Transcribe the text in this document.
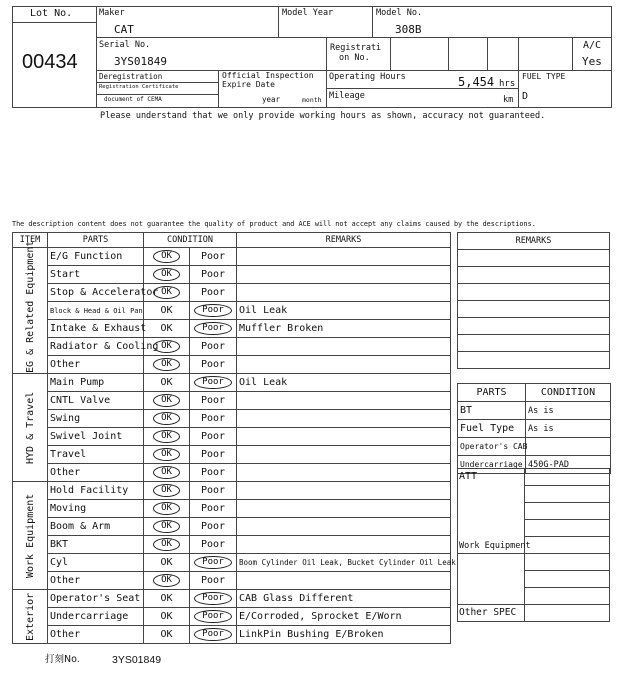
Lot No.
00434
Maker
CAT
Model Year	Model No.
308B
Serial No.
3YS01849
Registrati
on No.
A/C
Yes
Deregistration
Registration Certificate
document of CEMA
Official Inspection
Expire Date
year	month
Operating Hours	5,454 hrs
Mileage	km
FUEL TYPE
D
Please understand that we only provide working hours as shown, accuracy not guaranteed.
The description content does not guarantee the quality of product and ACE will not accept any claims caused by the descriptions.
ITEM	PARTS	CONDITION		REMARKS
EG & Related Equipment	E/G Function	OK	Poor	
	Start	OK	Poor	
	Stop & Accelerator	OK	Poor	
	Block & Head & Oil Pan	OK	Poor	Oil Leak
	Intake & Exhaust	OK	Poor	Muffler Broken
	Radiator & Cooling	OK	Poor	
	Other	OK	Poor	
HYD & Travel	Main Pump	OK	Poor	Oil Leak
	CNTL Valve	OK	Poor	
	Swing	OK	Poor	
	Swivel Joint	OK	Poor	
	Travel	OK	Poor	
	Other	OK	Poor	
Work Equipment	Hold Facility	OK	Poor	
	Moving	OK	Poor	
	Boom & Arm	OK	Poor	
	BKT	OK	Poor	
	Cyl	OK	Poor	Boom Cylinder Oil Leak, Bucket Cylinder Oil Leak
	Other	OK	Poor	
Exterior	Operator's Seat	OK	Poor	CAB Glass Different
	Undercarriage	OK	Poor	E/Corroded, Sprocket E/Worn
	Other	OK	Poor	LinkPin Bushing E/Broken
REMARKS

PARTS	CONDITION
BT	As is
Fuel Type	As is
Operator's CAB	
Undercarriage	450G-PAD
ATT
Work Equipment
Other SPEC
打刻No.	3YS01849
